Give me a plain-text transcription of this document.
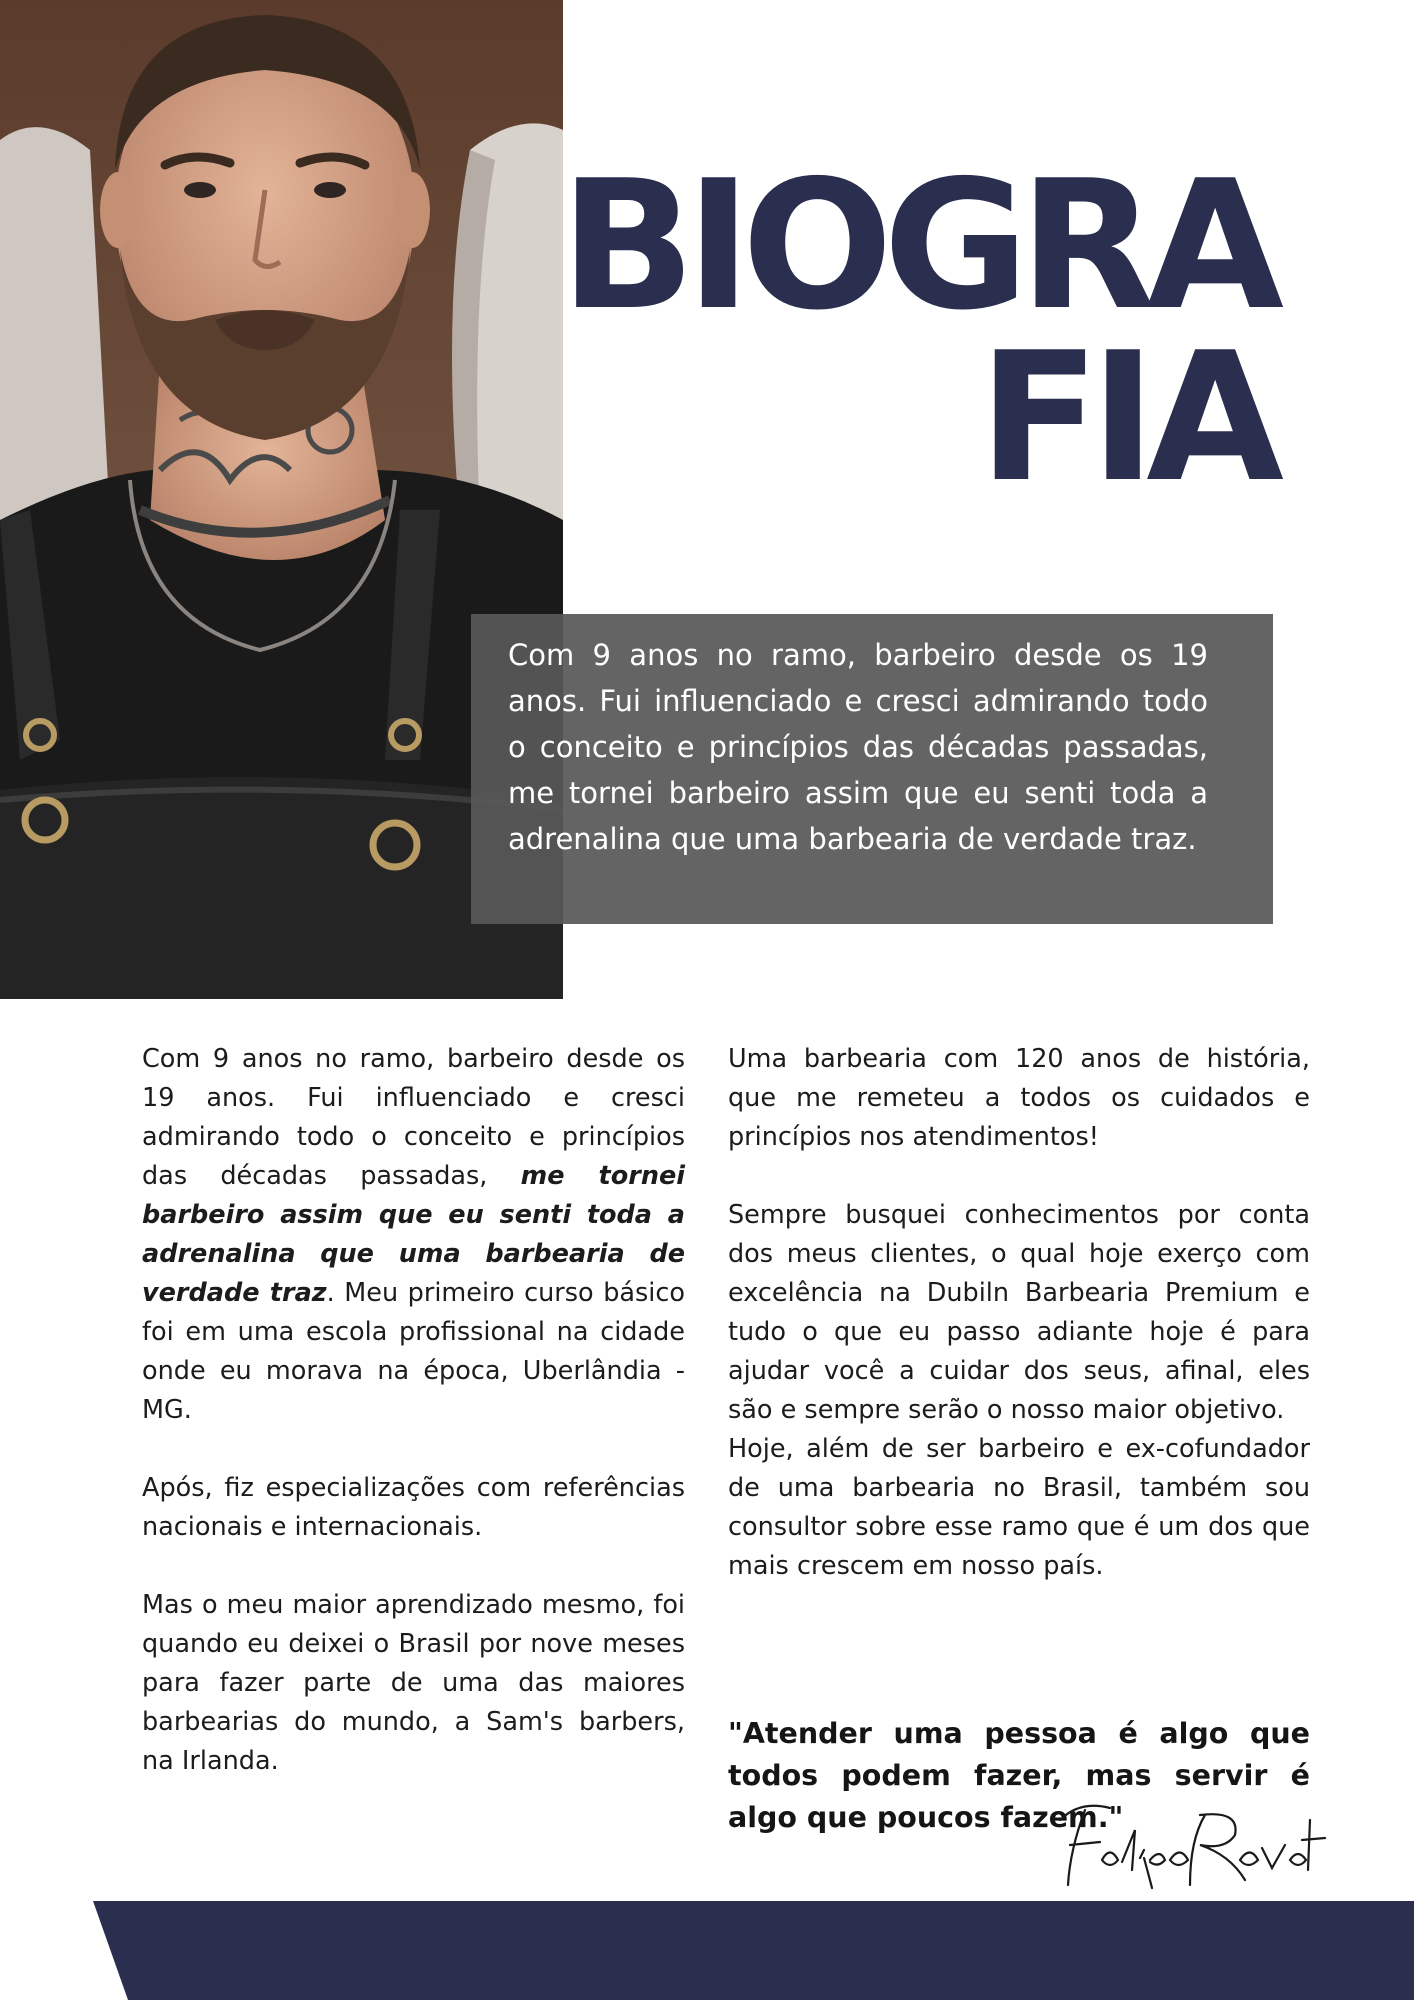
BIOGRA
FIA

Com 9 anos no ramo, barbeiro desde os 19 anos. Fui influenciado e cresci admirando todo o conceito e princípios das décadas passadas, me tornei barbeiro assim que eu senti toda a adrenalina que uma barbearia de verdade traz.

Com 9 anos no ramo, barbeiro desde os 19 anos. Fui influenciado e cresci admirando todo o conceito e princípios das décadas passadas, me tornei barbeiro assim que eu senti toda a adrenalina que uma barbearia de verdade traz. Meu primeiro curso básico foi em uma escola profissional na cidade onde eu morava na época, Uberlândia - MG.

Após, fiz especializações com referências nacionais e internacionais.

Mas o meu maior aprendizado mesmo, foi quando eu deixei o Brasil por nove meses para fazer parte de uma das maiores barbearias do mundo, a Sam's barbers, na Irlanda.

Uma barbearia com 120 anos de história, que me remeteu a todos os cuidados e princípios nos atendimentos!

Sempre busquei conhecimentos por conta dos meus clientes, o qual hoje exerço com excelência na Dubiln Barbearia Premium e tudo o que eu passo adiante hoje é para ajudar você a cuidar dos seus, afinal, eles são e sempre serão o nosso maior objetivo.

Hoje, além de ser barbeiro e ex-cofundador de uma barbearia no Brasil, também sou consultor sobre esse ramo que é um dos que mais crescem em nosso país.

"Atender uma pessoa é algo que todos podem fazer, mas servir é algo que poucos fazem."
